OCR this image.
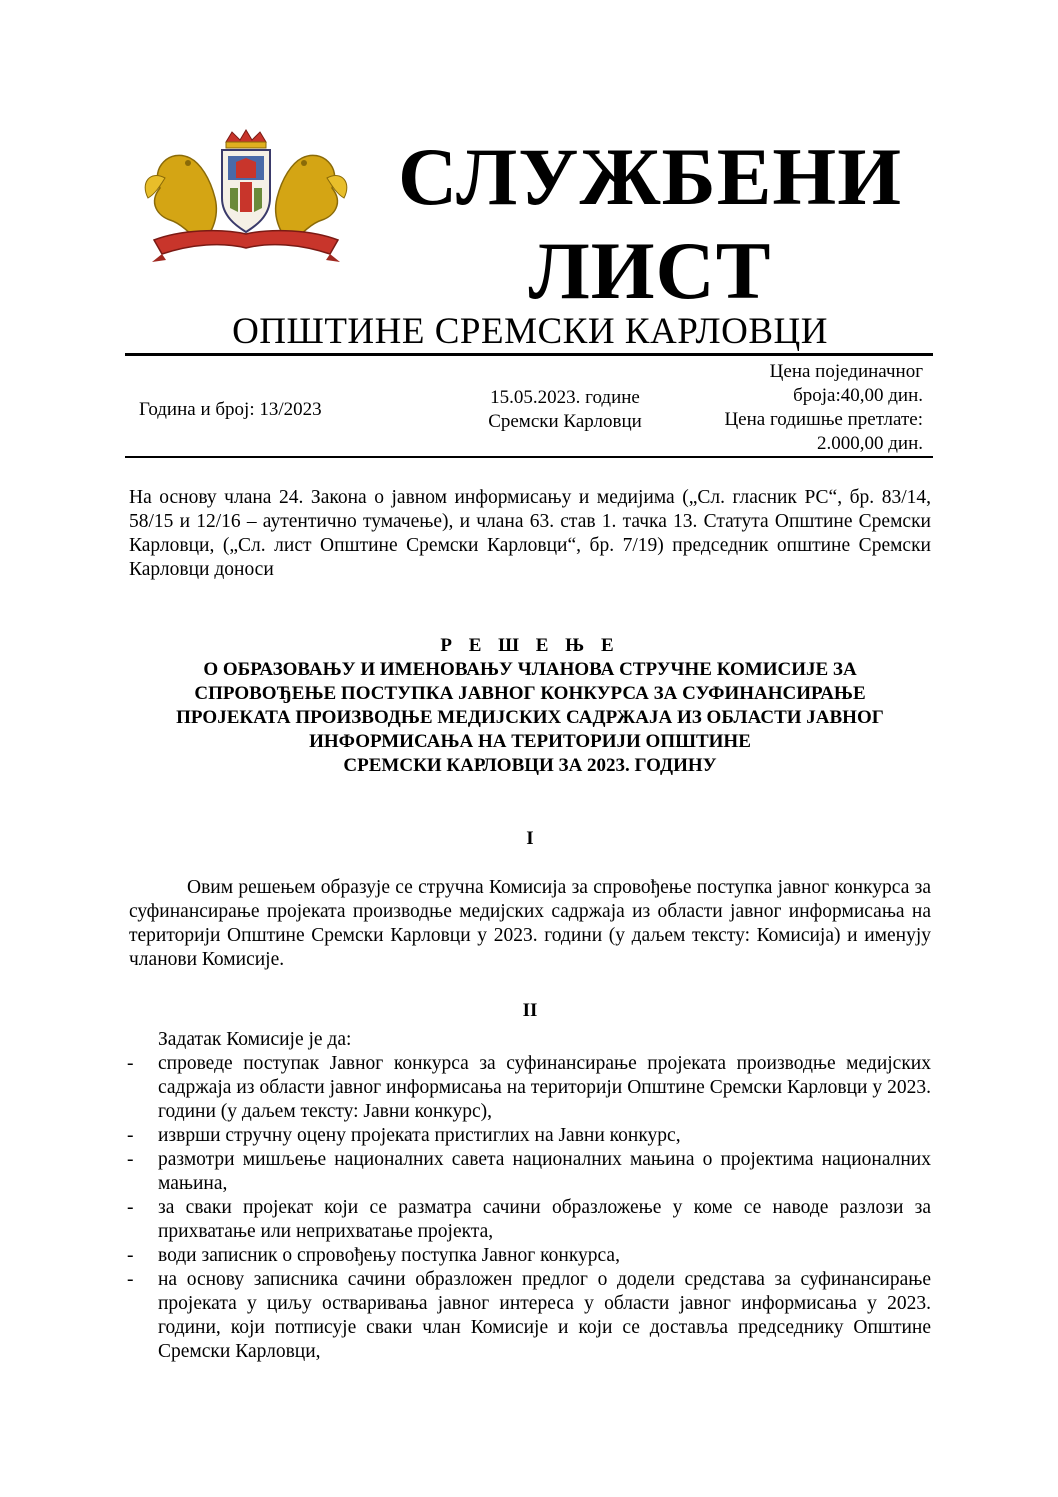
СЛУЖБЕНИ
ЛИСТ
ОПШТИНЕ СРЕМСКИ КАРЛОВЦИ
Година и број: 13/2023
15.05.2023. године
Сремски Карловци
Цена појединачног
броја:40,00 дин.
Цена годишње претлате:
2.000,00 дин.
На основу члана 24. Закона о јавном информисању и медијима („Сл. гласник РС“, бр. 83/14, 58/15 и 12/16 – аутентично тумачење), и члана 63. став 1. тачка 13. Статута Општине Сремски Карловци, („Сл. лист Општине Сремски Карловци“, бр. 7/19) председник општине Сремски Карловци доноси
Р Е Ш Е Њ Е
О ОБРАЗОВАЊУ И ИМЕНОВАЊУ ЧЛАНОВА СТРУЧНЕ КОМИСИЈЕ ЗА
СПРОВОЂЕЊЕ ПОСТУПКА ЈАВНОГ КОНКУРСА ЗА СУФИНАНСИРАЊЕ
ПРОЈЕКАТА ПРОИЗВОДЊЕ МЕДИЈСКИХ САДРЖАЈА ИЗ ОБЛАСТИ ЈАВНОГ
ИНФОРМИСАЊА НА ТЕРИТОРИЈИ ОПШТИНЕ
СРЕМСКИ КАРЛОВЦИ ЗА 2023. ГОДИНУ
I
Овим решењем образује се стручна Комисија за спровођење поступка јавног конкурса за суфинансирање пројеката производње медијских садржаја из области јавног информисања на територији Општине Сремски Карловци у 2023. години (у даљем тексту: Комисија) и именују чланови Комисије.
II
Задатак Комисије је да:
- спроведе поступак Јавног конкурса за суфинансирање пројеката производње медијских садржаја из области јавног информисања на територији Општине Сремски Карловци у 2023. години (у даљем тексту: Јавни конкурс),
- изврши стручну оцену пројеката пристиглих на Јавни конкурс,
- размотри мишљење националних савета националних мањина о пројектима националних мањина,
- за сваки пројекат који се разматра сачини образложење у коме се наводе разлози за прихватање или неприхватање пројекта,
- води записник о спровођењу поступка Јавног конкурса,
- на основу записника сачини образложен предлог о додели средстава за суфинансирање пројеката у циљу остваривања јавног интереса у области јавног информисања у 2023. години, који потписује сваки члан Комисије и који се доставља председнику Општине Сремски Карловци,
